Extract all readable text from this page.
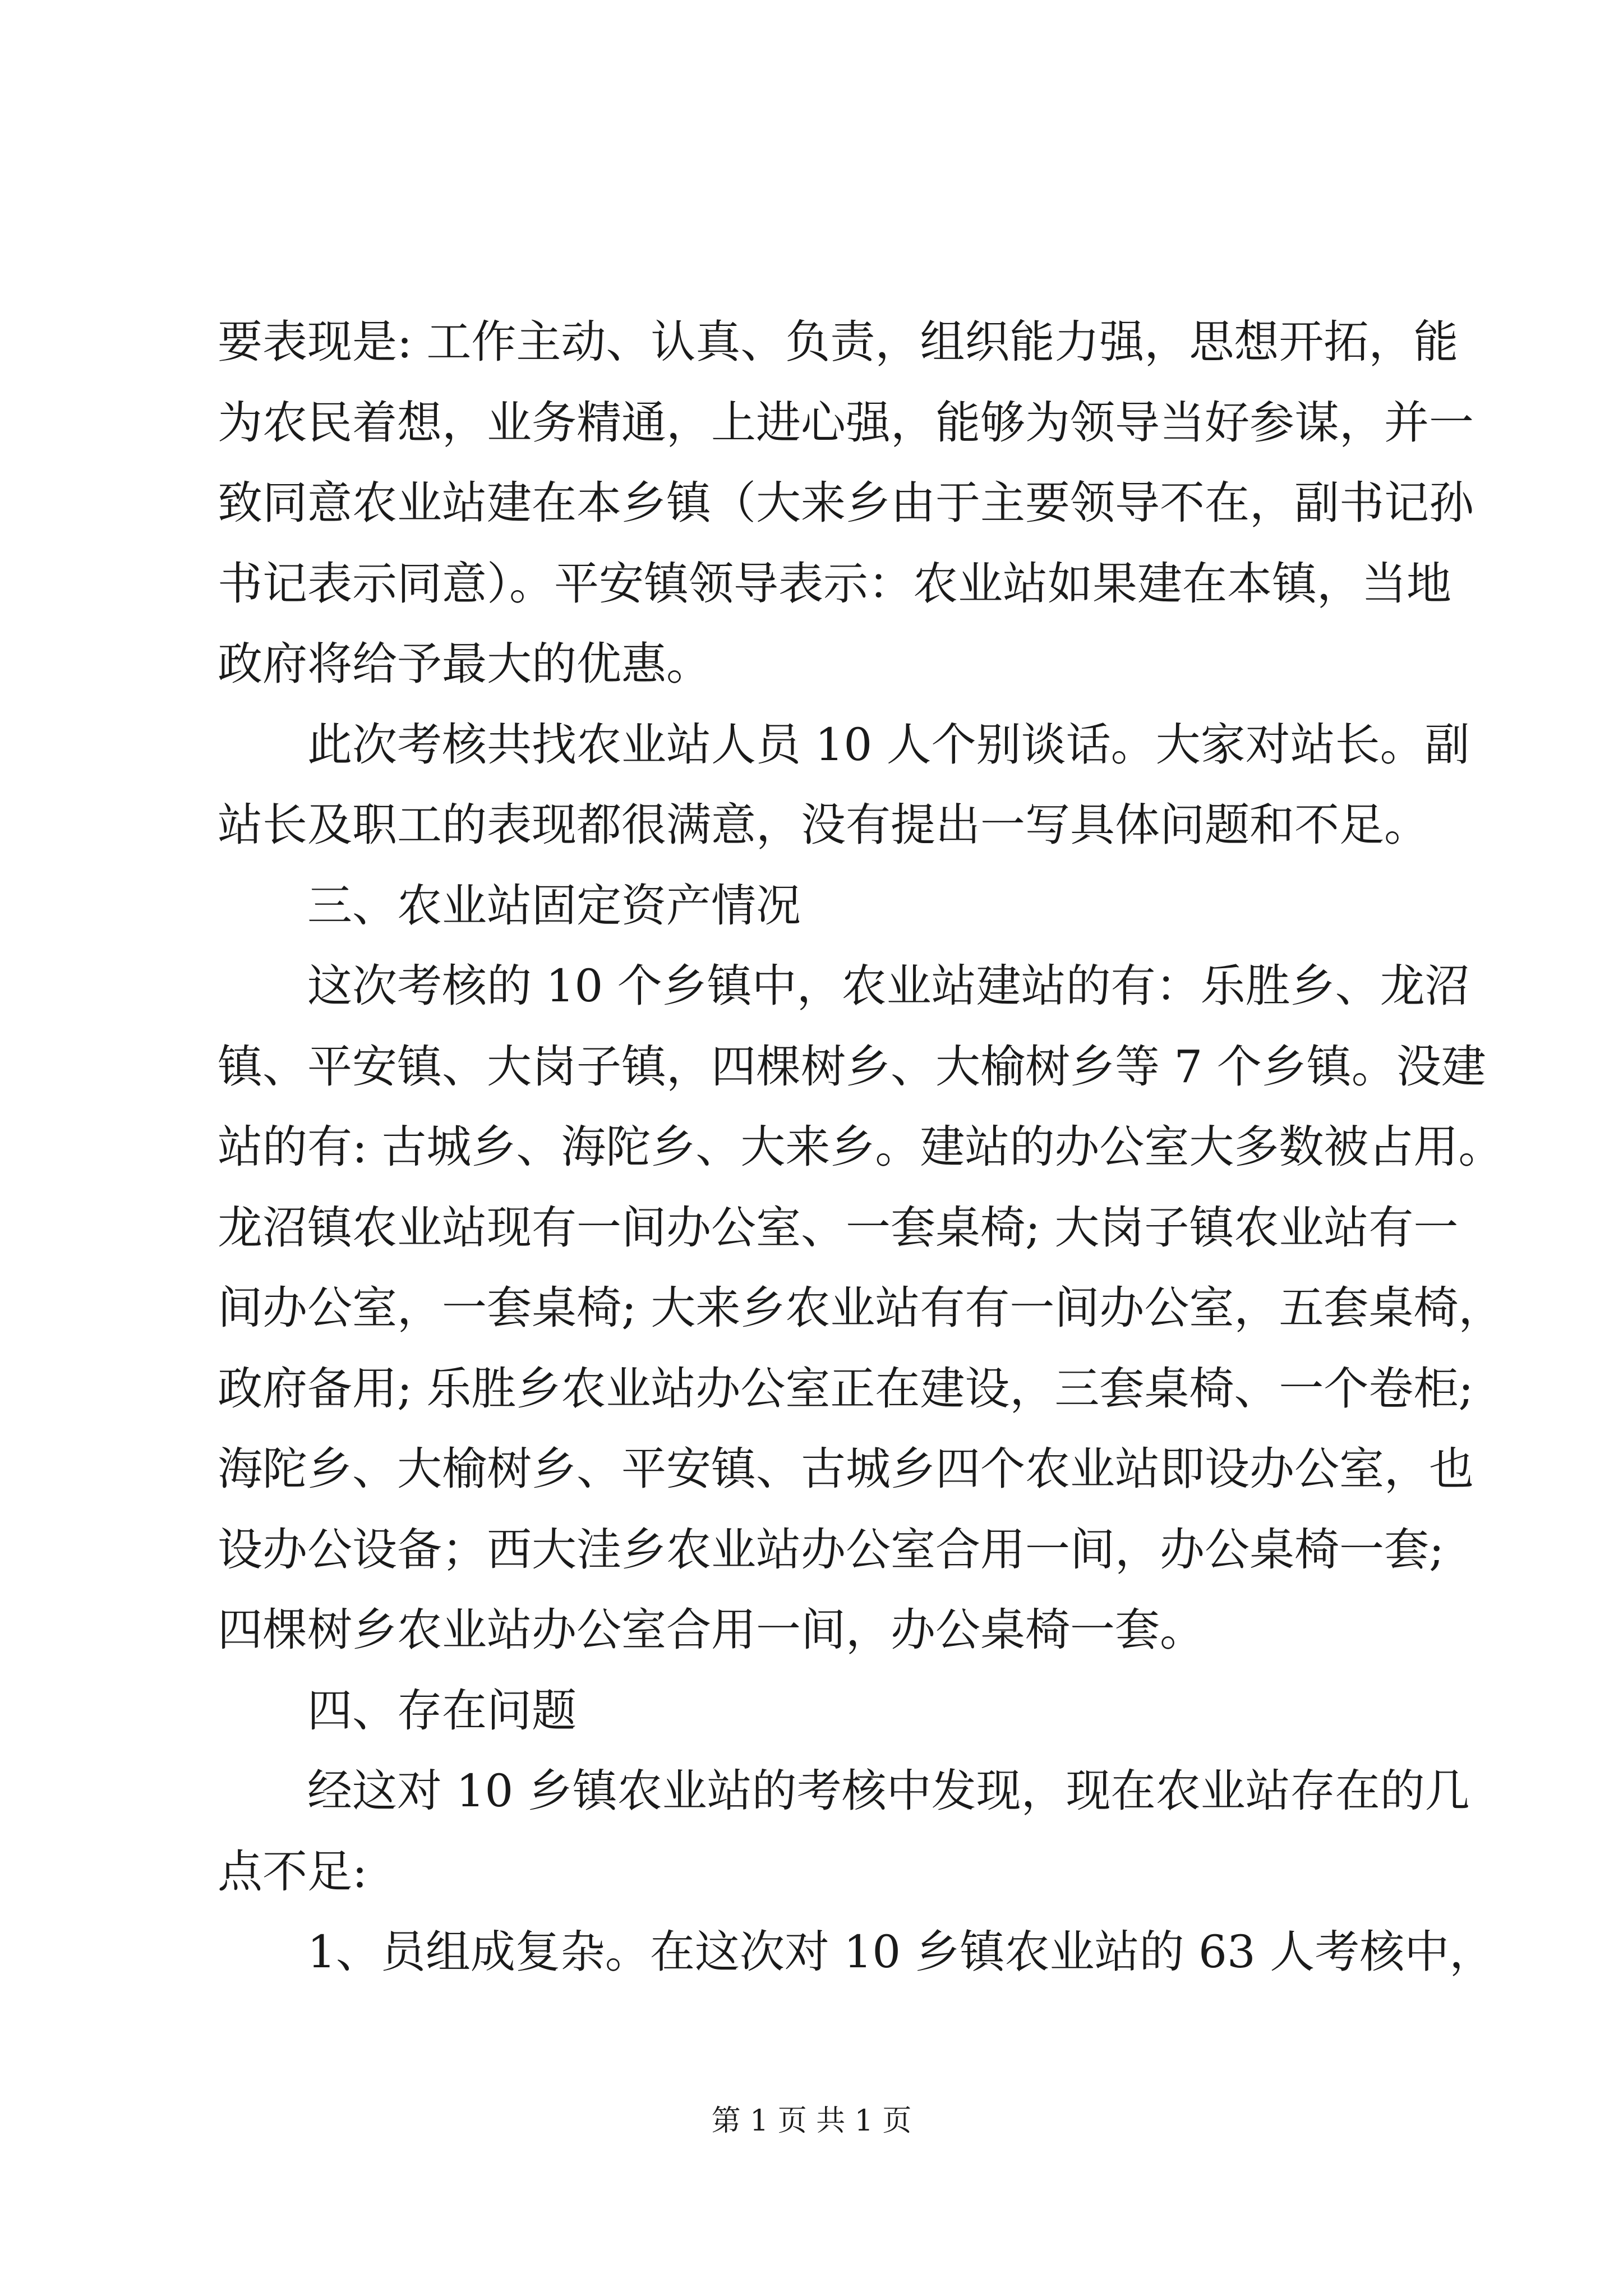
要表现是: 工作主动、认真、负责，组织能力强，思想开拓，能
为农民着想，业务精通，上进心强，能够为领导当好参谋，并一
致同意农业站建在本乡镇（大来乡由于主要领导不在，副书记孙
书记表示同意）。平安镇领导表示：农业站如果建在本镇，当地
政府将给予最大的优惠。
　　此次考核共找农业站人员 10 人个别谈话。大家对站长。副
站长及职工的表现都很满意，没有提出一写具体问题和不足。
　　三、农业站固定资产情况
　　这次考核的 10 个乡镇中，农业站建站的有：乐胜乡、龙沼
镇、平安镇、大岗子镇，四棵树乡、大榆树乡等 7 个乡镇。没建
站的有: 古城乡、海陀乡、大来乡。建站的办公室大多数被占用。
龙沼镇农业站现有一间办公室、一套桌椅; 大岗子镇农业站有一
间办公室，一套桌椅; 大来乡农业站有有一间办公室，五套桌椅，
政府备用; 乐胜乡农业站办公室正在建设，三套桌椅、一个卷柜;
海陀乡、大榆树乡、平安镇、古城乡四个农业站即设办公室，也
设办公设备；西大洼乡农业站办公室合用一间，办公桌椅一套;
四棵树乡农业站办公室合用一间，办公桌椅一套。
　　四、存在问题
　　经这对 10 乡镇农业站的考核中发现，现在农业站存在的几
点不足:
　　1、员组成复杂。在这次对 10 乡镇农业站的 63 人考核中，
第 1 页 共 1 页
